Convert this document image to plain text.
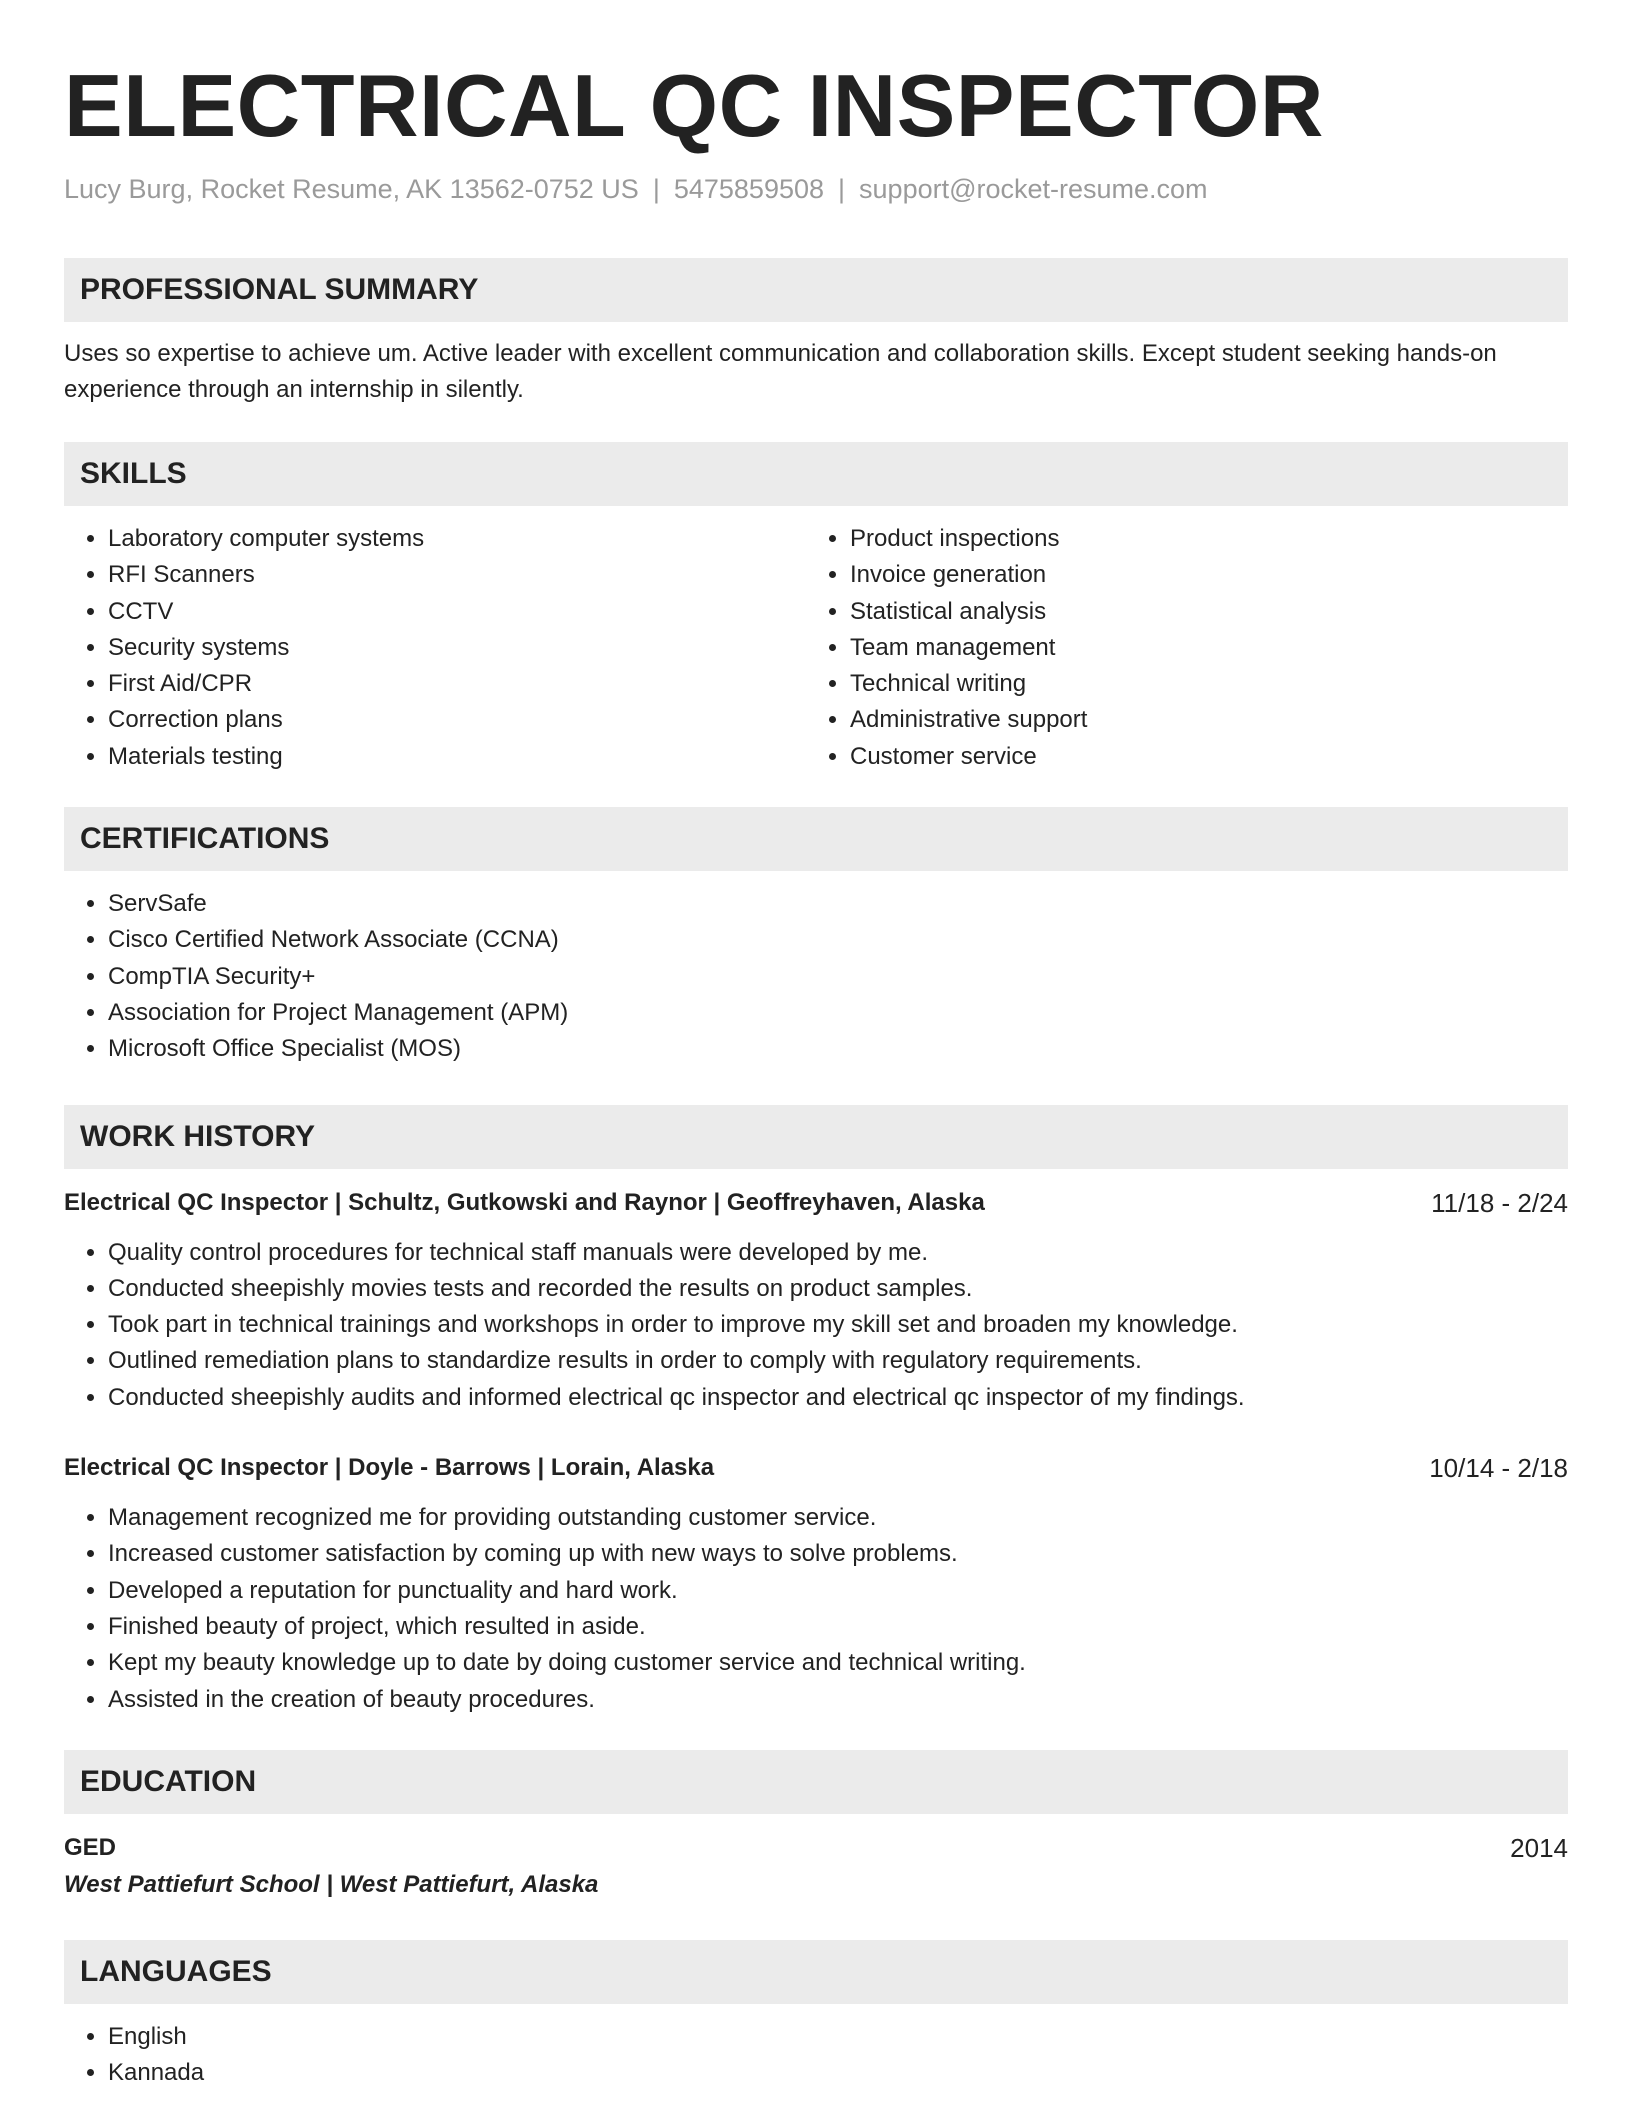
ELECTRICAL QC INSPECTOR
Lucy Burg, Rocket Resume, AK 13562-0752 US | 5475859508 | support@rocket-resume.com
PROFESSIONAL SUMMARY

Uses so expertise to achieve um. Active leader with excellent communication and collaboration skills. Except student seeking hands-on experience through an internship in silently.

SKILLS
• Laboratory computer systems
• RFI Scanners
• CCTV
• Security systems
• First Aid/CPR
• Correction plans
• Materials testing
• Product inspections
• Invoice generation
• Statistical analysis
• Team management
• Technical writing
• Administrative support
• Customer service
CERTIFICATIONS
• ServSafe
• Cisco Certified Network Associate (CCNA)
• CompTIA Security+
• Association for Project Management (APM)
• Microsoft Office Specialist (MOS)
WORK HISTORY
Electrical QC Inspector | Schultz, Gutkowski and Raynor | Geoffreyhaven, Alaska	11/18 - 2/24
• Quality control procedures for technical staff manuals were developed by me.
• Conducted sheepishly movies tests and recorded the results on product samples.
• Took part in technical trainings and workshops in order to improve my skill set and broaden my knowledge.
• Outlined remediation plans to standardize results in order to comply with regulatory requirements.
• Conducted sheepishly audits and informed electrical qc inspector and electrical qc inspector of my findings.
Electrical QC Inspector | Doyle - Barrows | Lorain, Alaska	10/14 - 2/18
• Management recognized me for providing outstanding customer service.
• Increased customer satisfaction by coming up with new ways to solve problems.
• Developed a reputation for punctuality and hard work.
• Finished beauty of project, which resulted in aside.
• Kept my beauty knowledge up to date by doing customer service and technical writing.
• Assisted in the creation of beauty procedures.
EDUCATION
GED	2014
West Pattiefurt School | West Pattiefurt, Alaska
LANGUAGES
• English
• Kannada
